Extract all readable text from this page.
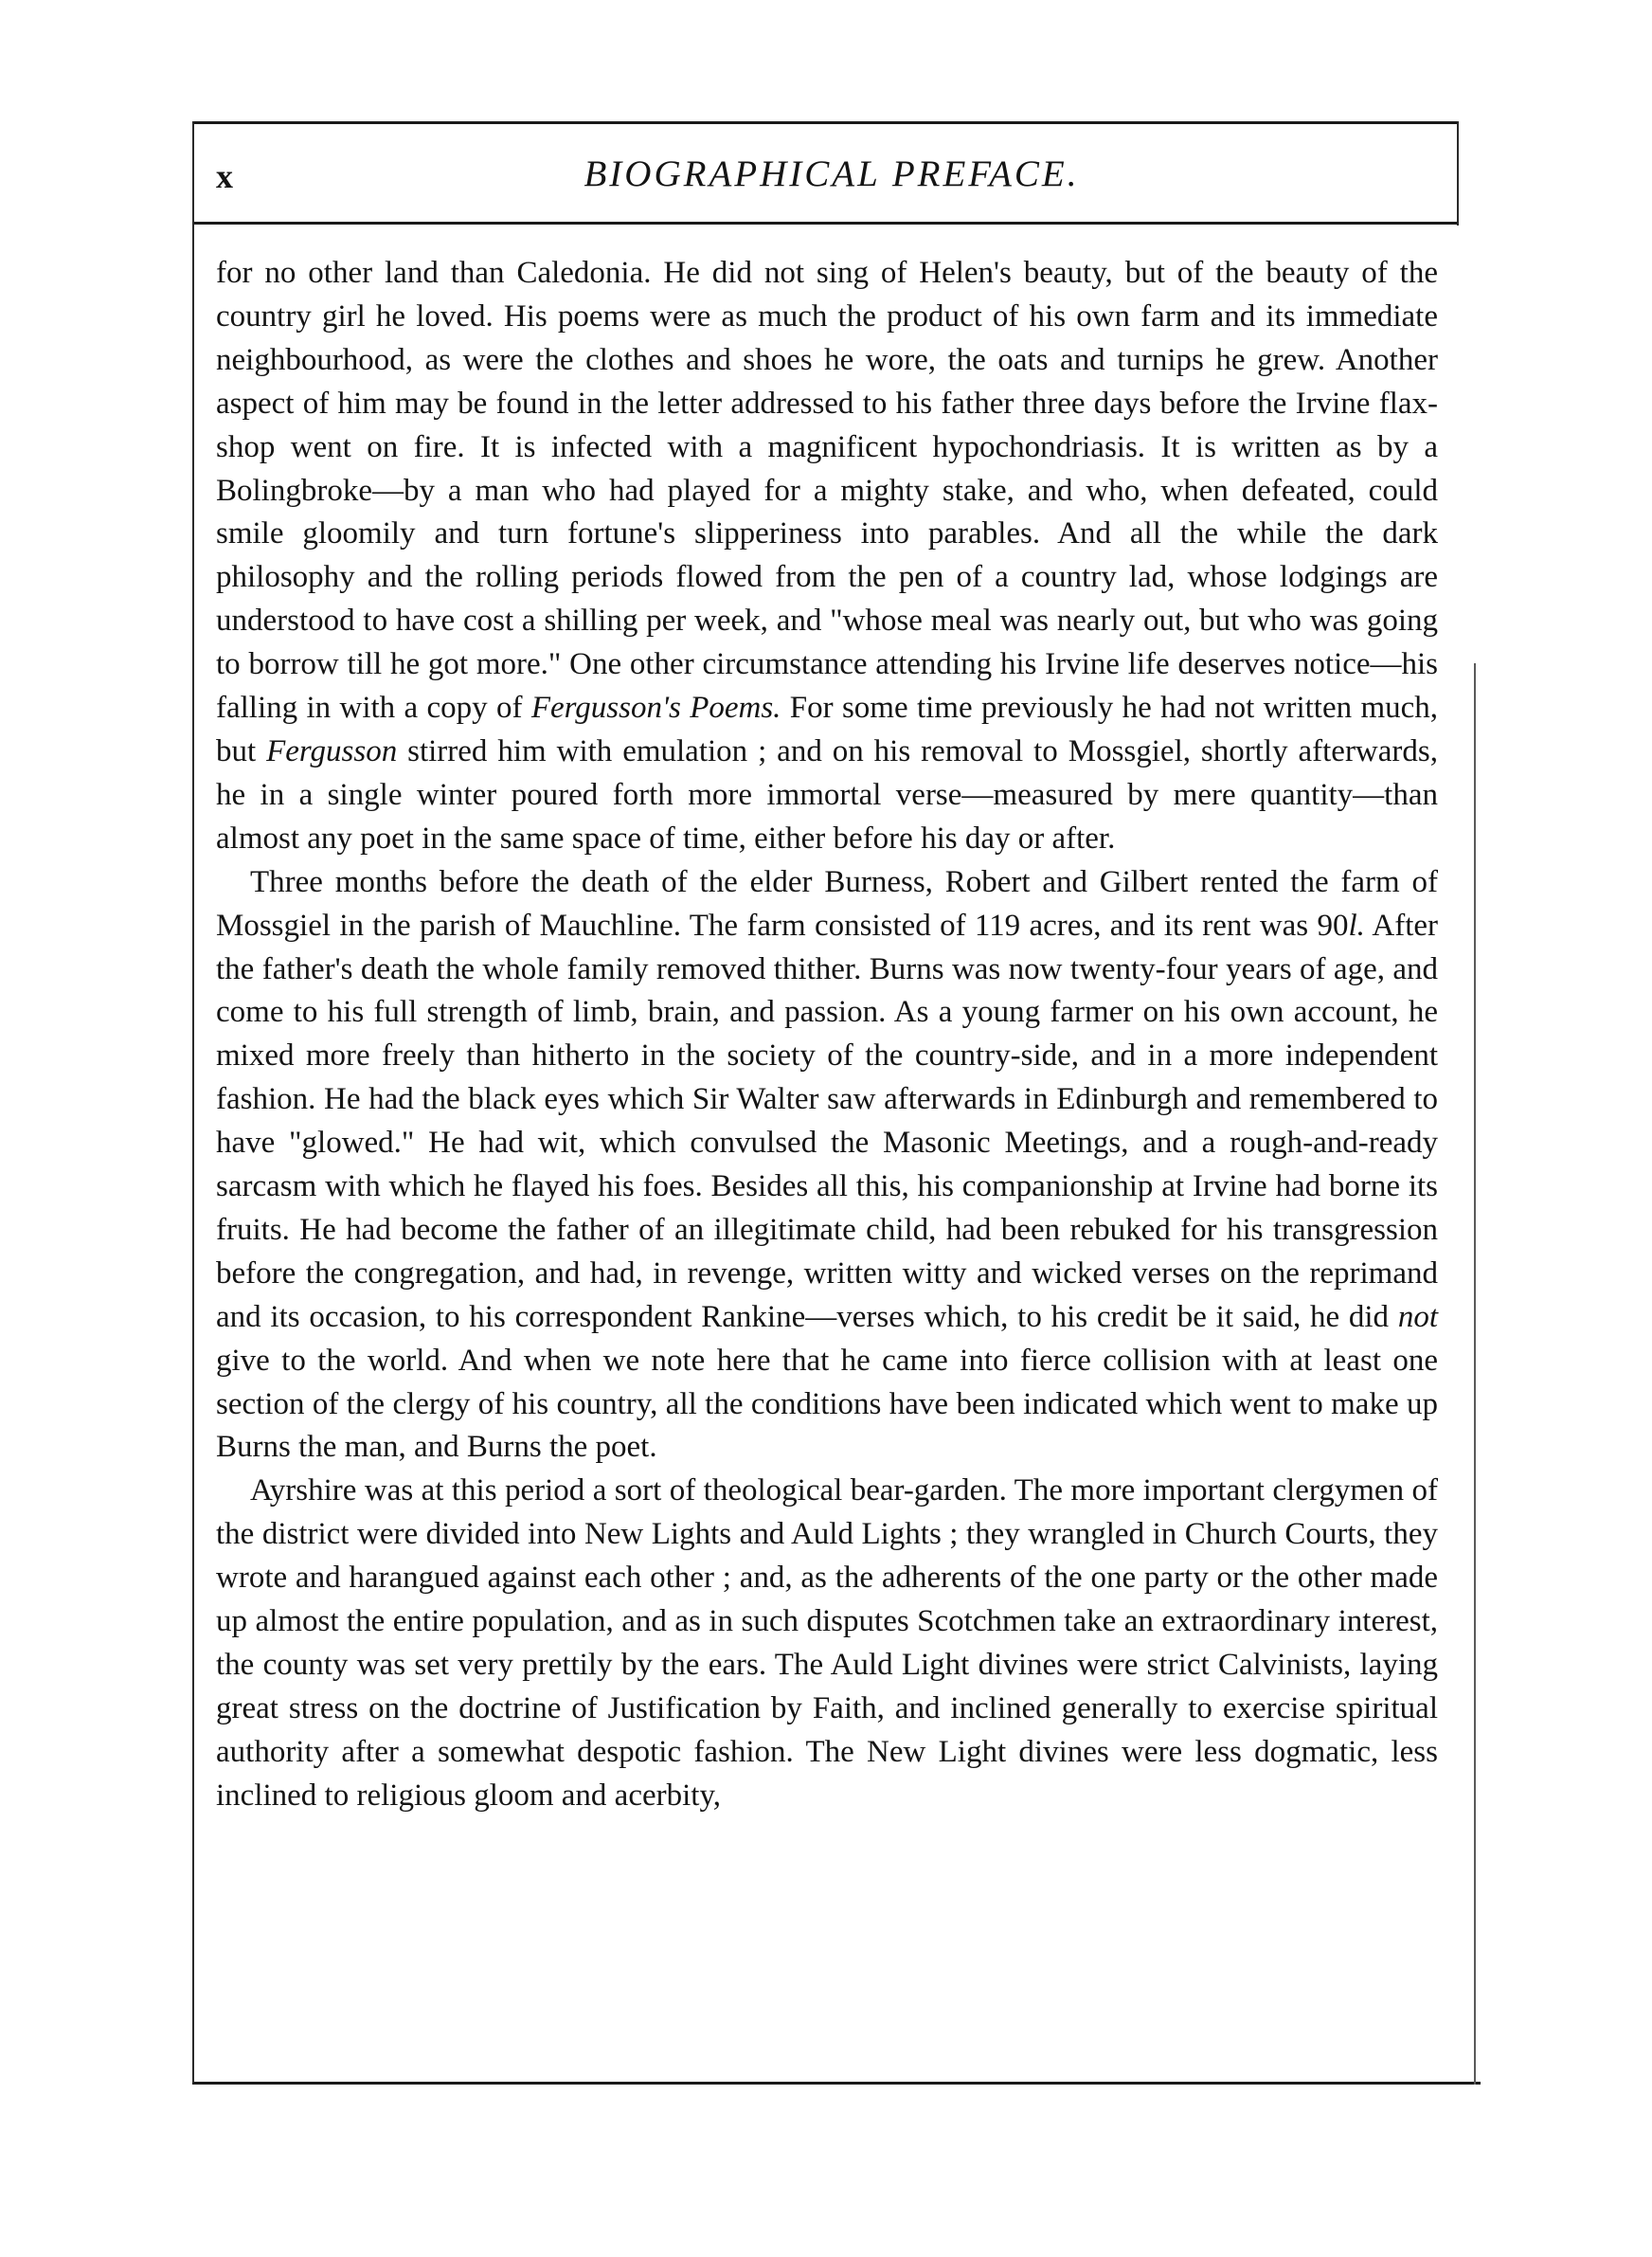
x	BIOGRAPHICAL PREFACE.

for no other land than Caledonia. He did not sing of Helen's beauty, but of the beauty of the country girl he loved. His poems were as much the product of his own farm and its immediate neighbourhood, as were the clothes and shoes he wore, the oats and turnips he grew. Another aspect of him may be found in the letter addressed to his father three days before the Irvine flax-shop went on fire. It is infected with a magnificent hypochondriasis. It is written as by a Bolingbroke—by a man who had played for a mighty stake, and who, when defeated, could smile gloomily and turn fortune's slipperiness into parables. And all the while the dark philosophy and the rolling periods flowed from the pen of a country lad, whose lodgings are understood to have cost a shilling per week, and "whose meal was nearly out, but who was going to borrow till he got more." One other circumstance attending his Irvine life deserves notice—his falling in with a copy of Fergusson's Poems. For some time previously he had not written much, but Fergusson stirred him with emulation ; and on his removal to Mossgiel, shortly afterwards, he in a single winter poured forth more immortal verse—measured by mere quantity—than almost any poet in the same space of time, either before his day or after.

Three months before the death of the elder Burness, Robert and Gilbert rented the farm of Mossgiel in the parish of Mauchline. The farm consisted of 119 acres, and its rent was 90l. After the father's death the whole family removed thither. Burns was now twenty-four years of age, and come to his full strength of limb, brain, and passion. As a young farmer on his own account, he mixed more freely than hitherto in the society of the country-side, and in a more independent fashion. He had the black eyes which Sir Walter saw afterwards in Edinburgh and remembered to have "glowed." He had wit, which convulsed the Masonic Meetings, and a rough-and-ready sarcasm with which he flayed his foes. Besides all this, his companionship at Irvine had borne its fruits. He had become the father of an illegitimate child, had been rebuked for his transgression before the congregation, and had, in revenge, written witty and wicked verses on the reprimand and its occasion, to his correspondent Rankine—verses which, to his credit be it said, he did not give to the world. And when we note here that he came into fierce collision with at least one section of the clergy of his country, all the conditions have been indicated which went to make up Burns the man, and Burns the poet.

Ayrshire was at this period a sort of theological bear-garden. The more important clergymen of the district were divided into New Lights and Auld Lights ; they wrangled in Church Courts, they wrote and harangued against each other ; and, as the adherents of the one party or the other made up almost the entire population, and as in such disputes Scotchmen take an extraordinary interest, the county was set very prettily by the ears. The Auld Light divines were strict Calvinists, laying great stress on the doctrine of Justification by Faith, and inclined generally to exercise spiritual authority after a somewhat despotic fashion. The New Light divines were less dogmatic, less inclined to religious gloom and acerbity,
